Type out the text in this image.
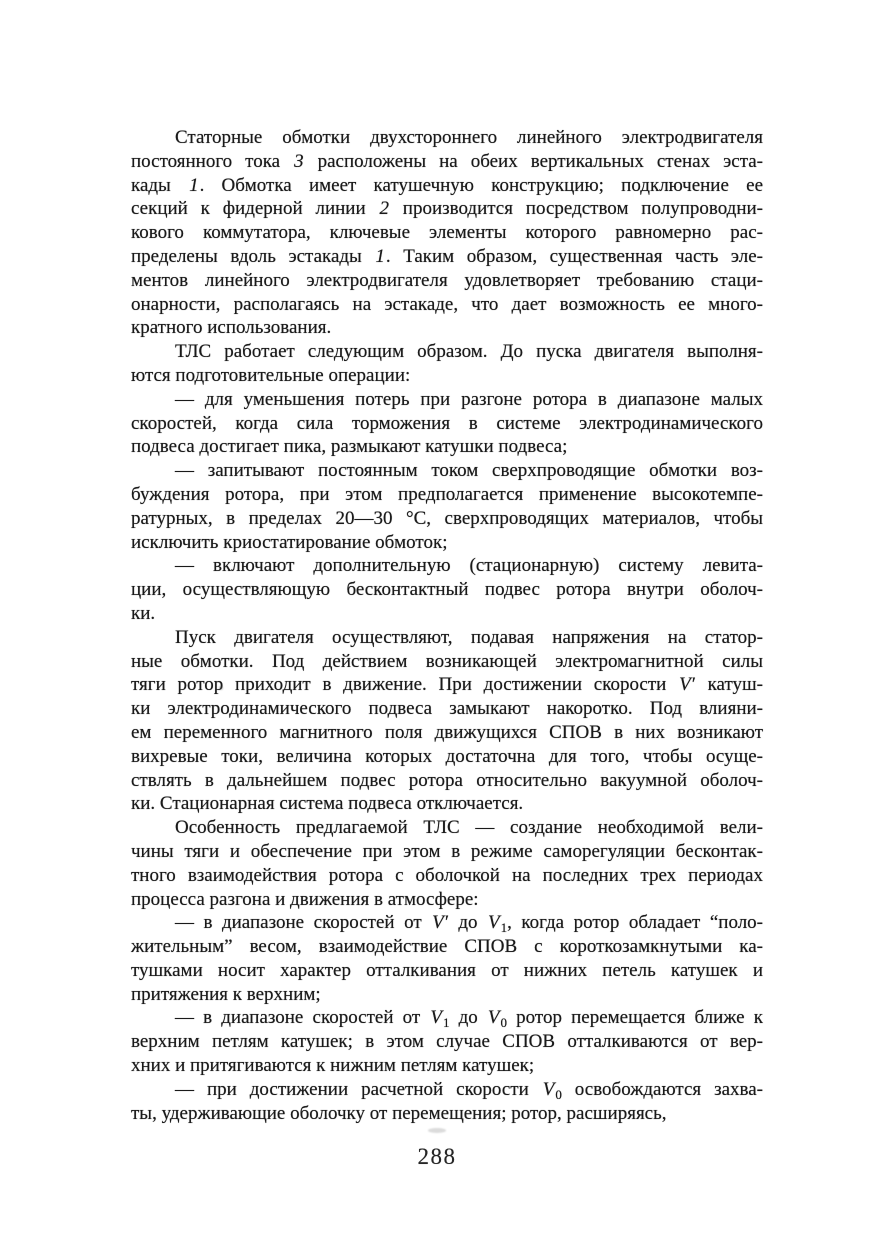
Статорные обмотки двухстороннего линейного электродвигателя
постоянного тока 3 расположены на обеих вертикальных стенах эста-
кады 1. Обмотка имеет катушечную конструкцию; подключение ее
секций к фидерной линии 2 производится посредством полупроводни-
кового коммутатора, ключевые элементы которого равномерно рас-
пределены вдоль эстакады 1. Таким образом, существенная часть эле-
ментов линейного электродвигателя удовлетворяет требованию стаци-
онарности, располагаясь на эстакаде, что дает возможность ее много-
кратного использования.
ТЛС работает следующим образом. До пуска двигателя выполня-
ются подготовительные операции:
— для уменьшения потерь при разгоне ротора в диапазоне малых
скоростей, когда сила торможения в системе электродинамического
подвеса достигает пика, размыкают катушки подвеса;
— запитывают постоянным током сверхпроводящие обмотки воз-
буждения ротора, при этом предполагается применение высокотемпе-
ратурных, в пределах 20—30 °С, сверхпроводящих материалов, чтобы
исключить криостатирование обмоток;
— включают дополнительную (стационарную) систему левита-
ции, осуществляющую бесконтактный подвес ротора внутри оболоч-
ки.
Пуск двигателя осуществляют, подавая напряжения на статор-
ные обмотки. Под действием возникающей электромагнитной силы
тяги ротор приходит в движение. При достижении скорости V′ катуш-
ки электродинамического подвеса замыкают накоротко. Под влияни-
ем переменного магнитного поля движущихся СПОВ в них возникают
вихревые токи, величина которых достаточна для того, чтобы осуще-
ствлять в дальнейшем подвес ротора относительно вакуумной оболоч-
ки. Стационарная система подвеса отключается.
Особенность предлагаемой ТЛС — создание необходимой вели-
чины тяги и обеспечение при этом в режиме саморегуляции бесконтак-
тного взаимодействия ротора с оболочкой на последних трех периодах
процесса разгона и движения в атмосфере:
— в диапазоне скоростей от V′ до $V_1$, когда ротор обладает “поло-
жительным” весом, взаимодействие СПОВ с короткозамкнутыми ка-
тушками носит характер отталкивания от нижних петель катушек и
притяжения к верхним;
— в диапазоне скоростей от $V_1$ до $V_0$ ротор перемещается ближе к
верхним петлям катушек; в этом случае СПОВ отталкиваются от вер-
хних и притягиваются к нижним петлям катушек;
— при достижении расчетной скорости $V_0$ освобождаются захва-
ты, удерживающие оболочку от перемещения; ротор, расширяясь,
288
